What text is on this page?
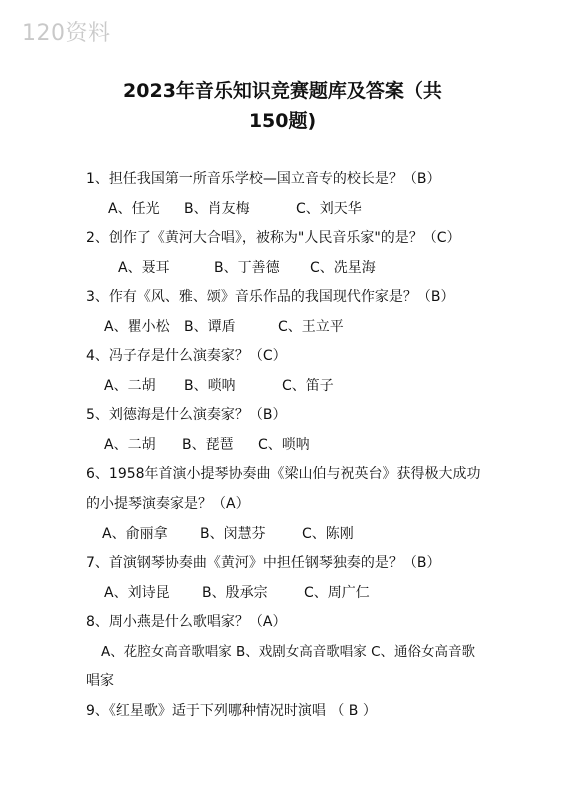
120资料
2023年音乐知识竞赛题库及答案（共
150题)
1、担任我国第一所音乐学校—国立音专的校长是？（B）
A、任光 B、肖友梅	C、刘天华
2、创作了《黄河大合唱》，被称为"人民音乐家"的是？（C）
A、聂耳	B、丁善德 C、冼星海
3、作有《风、雅、颂》音乐作品的我国现代作家是？（B）
A、瞿小松 B、谭盾	C、王立平
4、冯子存是什么演奏家？（C）
A、二胡 B、唢呐	C、笛子
5、刘德海是什么演奏家？（B）
A、二胡 B、琵琶 C、唢呐
6、1958年首演小提琴协奏曲《梁山伯与祝英台》获得极大成功
的小提琴演奏家是？（A）
A、俞丽拿 B、闵慧芬	C、陈刚
7、首演钢琴协奏曲《黄河》中担任钢琴独奏的是？（B）
A、刘诗昆 B、殷承宗	C、周广仁
8、周小燕是什么歌唱家？（A）
A、花腔女高音歌唱家 B、戏剧女高音歌唱家 C、通俗女高音歌
唱家
9、《红星歌》适于下列哪种情况时演唱 （ B ）
